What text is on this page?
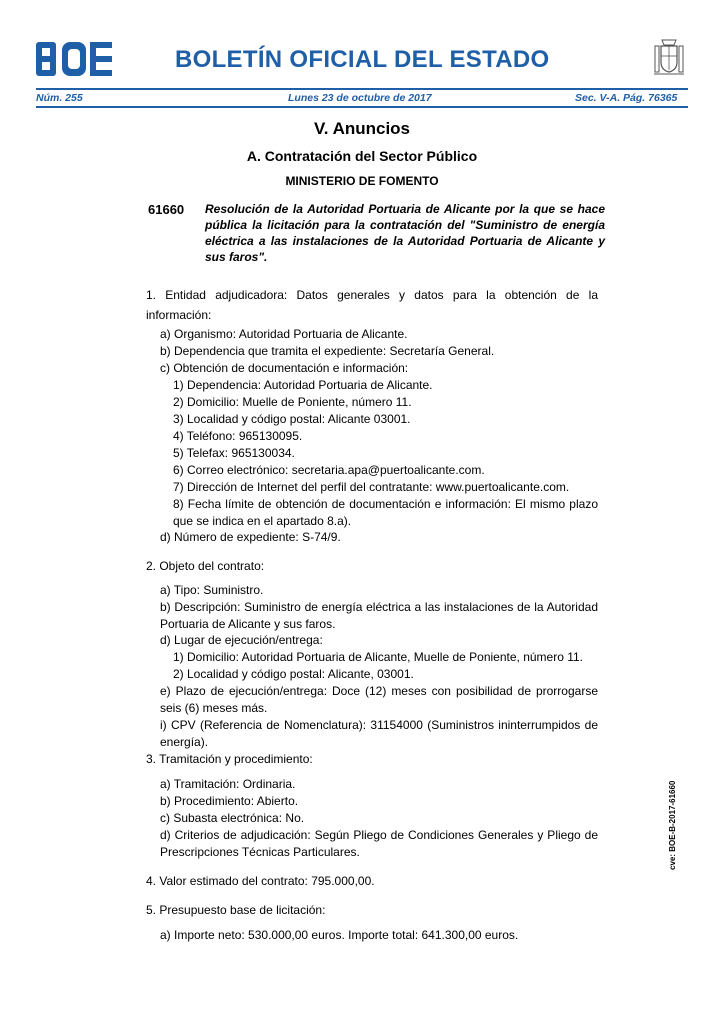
BOLETÍN OFICIAL DEL ESTADO
Núm. 255	Lunes 23 de octubre de 2017	Sec. V-A. Pág. 76365
V. Anuncios
A. Contratación del Sector Público
MINISTERIO DE FOMENTO
61660 Resolución de la Autoridad Portuaria de Alicante por la que se hace pública la licitación para la contratación del "Suministro de energía eléctrica a las instalaciones de la Autoridad Portuaria de Alicante y sus faros".
1. Entidad adjudicadora: Datos generales y datos para la obtención de la información:
a) Organismo: Autoridad Portuaria de Alicante.
b) Dependencia que tramita el expediente: Secretaría General.
c) Obtención de documentación e información:
1) Dependencia: Autoridad Portuaria de Alicante.
2) Domicilio: Muelle de Poniente, número 11.
3) Localidad y código postal: Alicante 03001.
4) Teléfono: 965130095.
5) Telefax: 965130034.
6) Correo electrónico: secretaria.apa@puertoalicante.com.
7) Dirección de Internet del perfil del contratante: www.puertoalicante.com.
8) Fecha límite de obtención de documentación e información: El mismo plazo que se indica en el apartado 8.a).
d) Número de expediente: S-74/9.
2. Objeto del contrato:
a) Tipo: Suministro.
b) Descripción: Suministro de energía eléctrica a las instalaciones de la Autoridad Portuaria de Alicante y sus faros.
d) Lugar de ejecución/entrega:
1) Domicilio: Autoridad Portuaria de Alicante, Muelle de Poniente, número 11.
2) Localidad y código postal: Alicante, 03001.
e) Plazo de ejecución/entrega: Doce (12) meses con posibilidad de prorrogarse seis (6) meses más.
i) CPV (Referencia de Nomenclatura): 31154000 (Suministros ininterrumpidos de energía).
3. Tramitación y procedimiento:
a) Tramitación: Ordinaria.
b) Procedimiento: Abierto.
c) Subasta electrónica: No.
d) Criterios de adjudicación: Según Pliego de Condiciones Generales y Pliego de Prescripciones Técnicas Particulares.
4. Valor estimado del contrato: 795.000,00.
5. Presupuesto base de licitación:
a) Importe neto: 530.000,00 euros. Importe total: 641.300,00 euros.
cve: BOE-B-2017-61660
